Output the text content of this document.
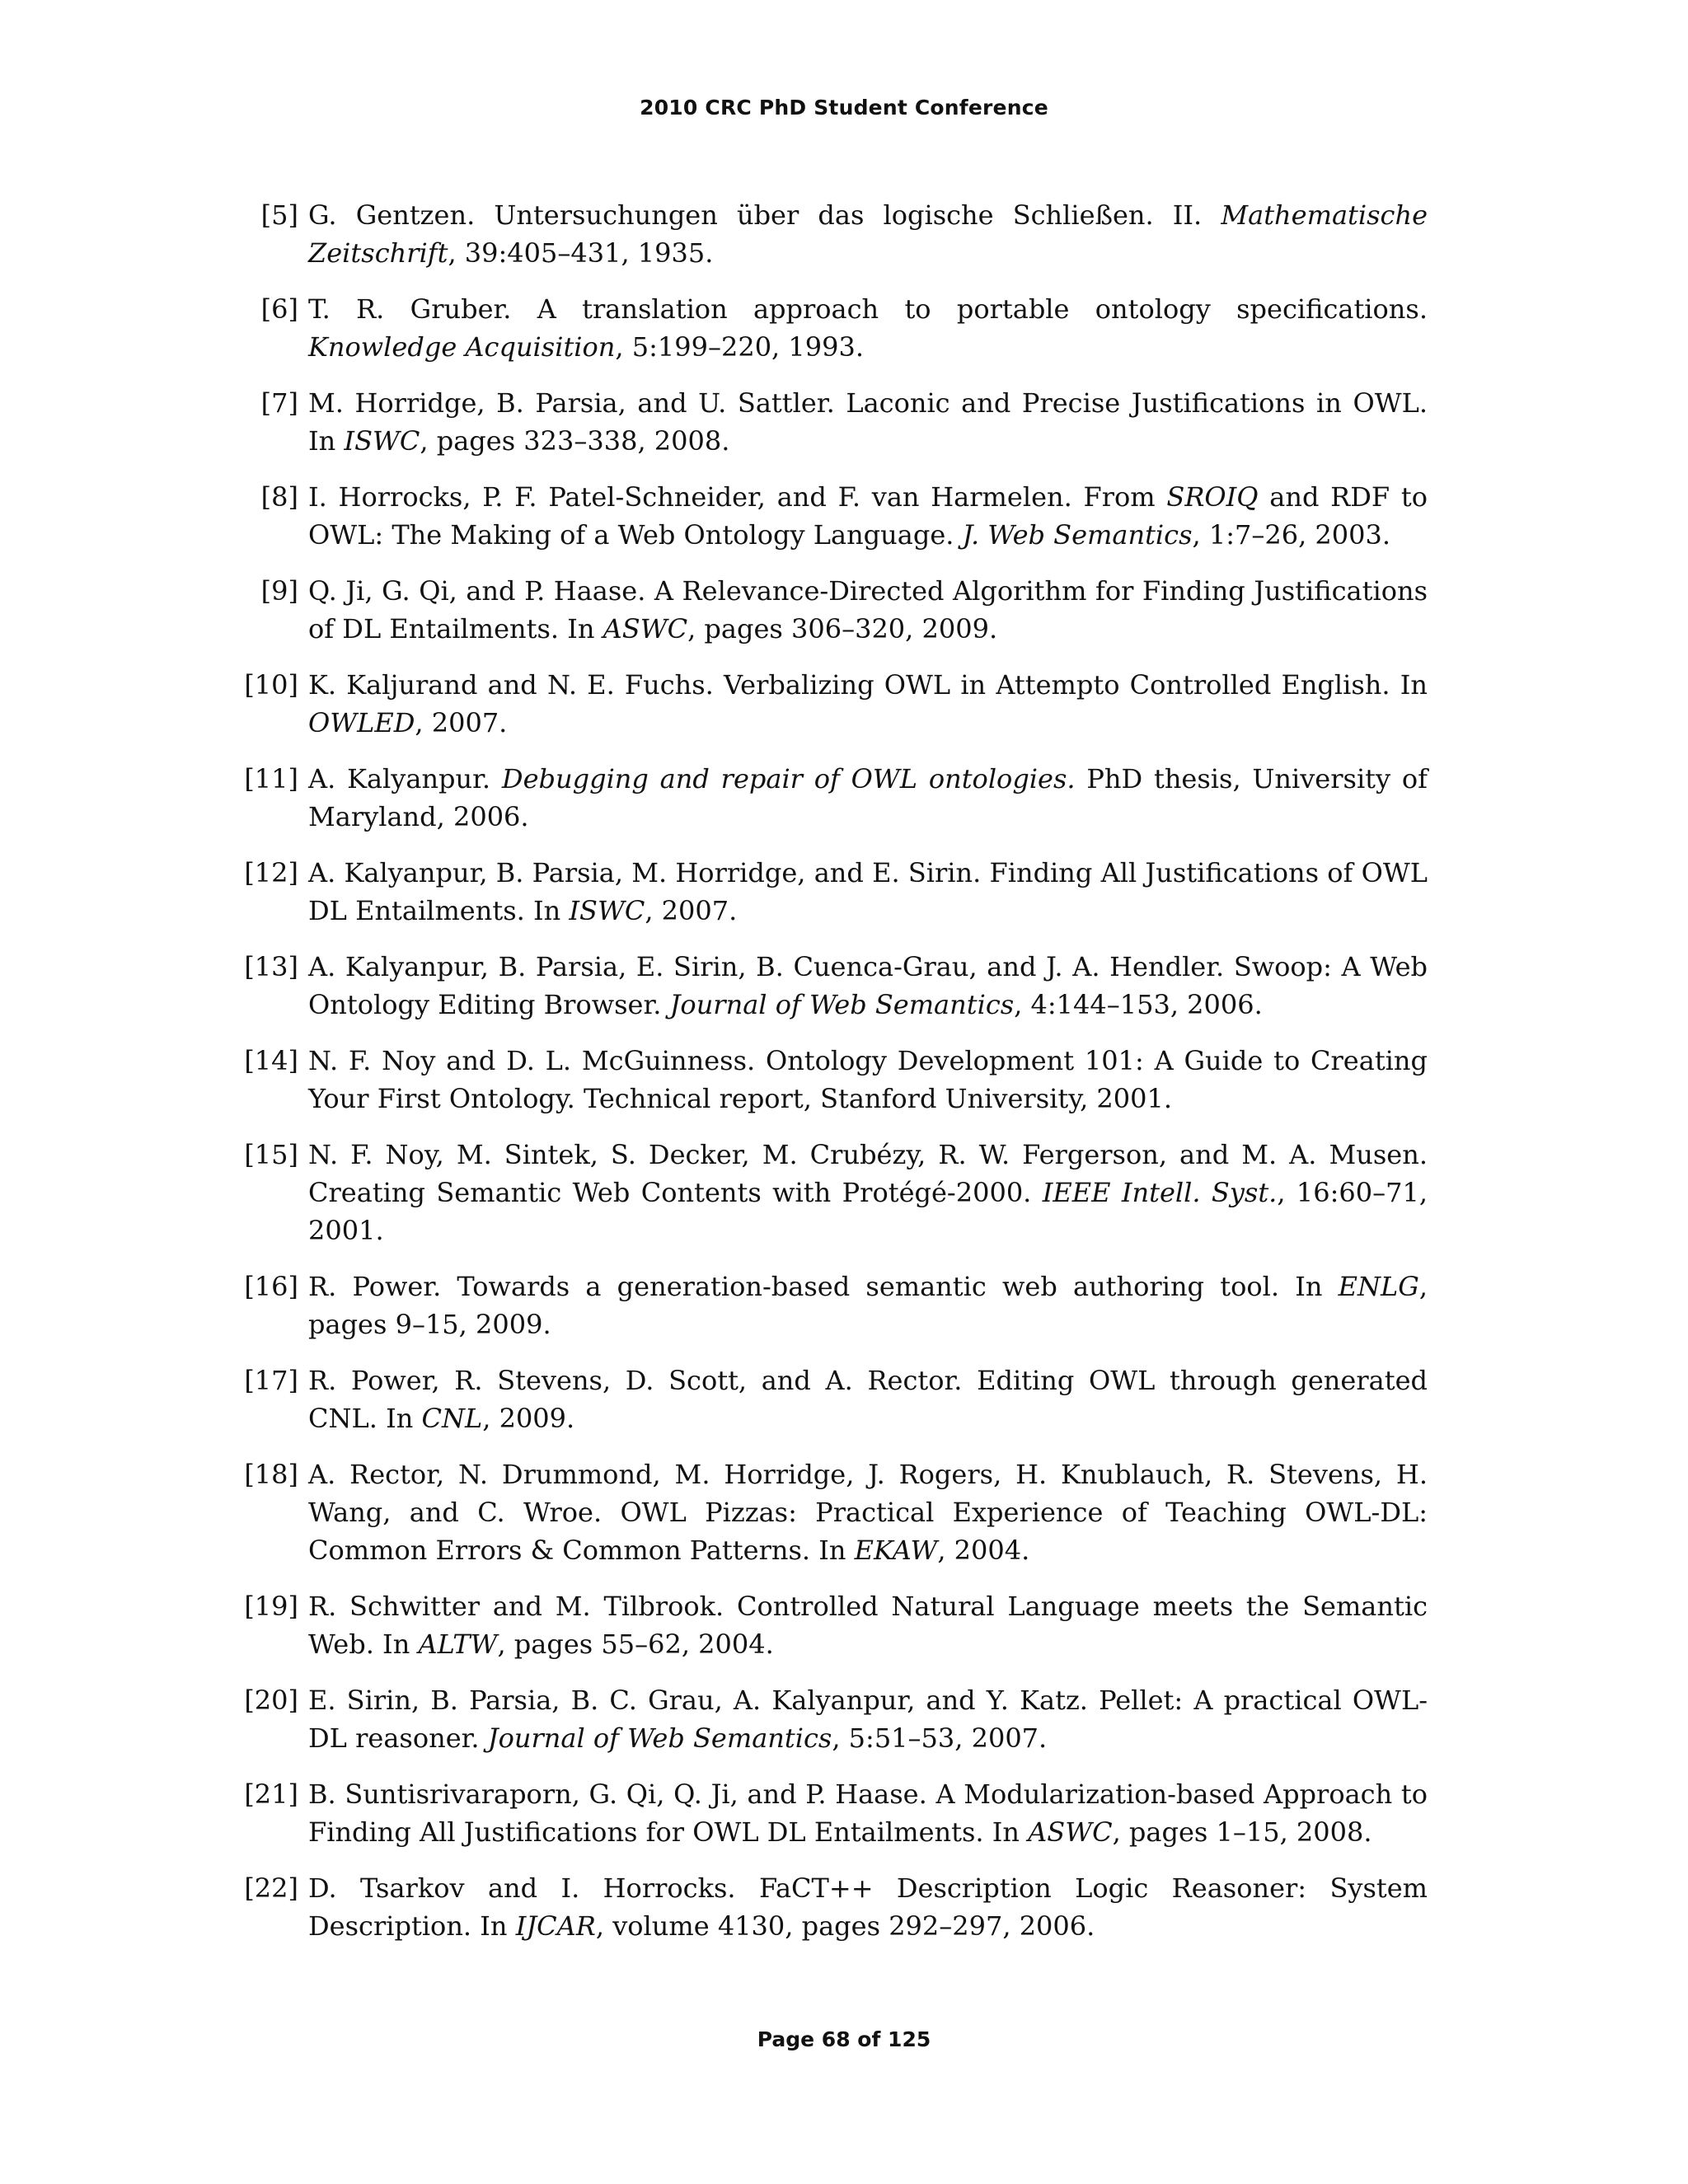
2010 CRC PhD Student Conference
[5] G. Gentzen. Untersuchungen über das logische Schließen. II. Mathematische Zeitschrift, 39:405–431, 1935.
[6] T. R. Gruber. A translation approach to portable ontology specifications. Knowledge Acquisition, 5:199–220, 1993.
[7] M. Horridge, B. Parsia, and U. Sattler. Laconic and Precise Justifications in OWL. In ISWC, pages 323–338, 2008.
[8] I. Horrocks, P. F. Patel-Schneider, and F. van Harmelen. From SROIQ and RDF to OWL: The Making of a Web Ontology Language. J. Web Semantics, 1:7–26, 2003.
[9] Q. Ji, G. Qi, and P. Haase. A Relevance-Directed Algorithm for Finding Justifications of DL Entailments. In ASWC, pages 306–320, 2009.
[10] K. Kaljurand and N. E. Fuchs. Verbalizing OWL in Attempto Controlled English. In OWLED, 2007.
[11] A. Kalyanpur. Debugging and repair of OWL ontologies. PhD thesis, University of Maryland, 2006.
[12] A. Kalyanpur, B. Parsia, M. Horridge, and E. Sirin. Finding All Justifications of OWL DL Entailments. In ISWC, 2007.
[13] A. Kalyanpur, B. Parsia, E. Sirin, B. Cuenca-Grau, and J. A. Hendler. Swoop: A Web Ontology Editing Browser. Journal of Web Semantics, 4:144–153, 2006.
[14] N. F. Noy and D. L. McGuinness. Ontology Development 101: A Guide to Creating Your First Ontology. Technical report, Stanford University, 2001.
[15] N. F. Noy, M. Sintek, S. Decker, M. Crubézy, R. W. Fergerson, and M. A. Musen. Creating Semantic Web Contents with Protégé-2000. IEEE Intell. Syst., 16:60–71, 2001.
[16] R. Power. Towards a generation-based semantic web authoring tool. In ENLG, pages 9–15, 2009.
[17] R. Power, R. Stevens, D. Scott, and A. Rector. Editing OWL through generated CNL. In CNL, 2009.
[18] A. Rector, N. Drummond, M. Horridge, J. Rogers, H. Knublauch, R. Stevens, H. Wang, and C. Wroe. OWL Pizzas: Practical Experience of Teaching OWL-DL: Common Errors & Common Patterns. In EKAW, 2004.
[19] R. Schwitter and M. Tilbrook. Controlled Natural Language meets the Semantic Web. In ALTW, pages 55–62, 2004.
[20] E. Sirin, B. Parsia, B. C. Grau, A. Kalyanpur, and Y. Katz. Pellet: A practical OWL-DL reasoner. Journal of Web Semantics, 5:51–53, 2007.
[21] B. Suntisrivaraporn, G. Qi, Q. Ji, and P. Haase. A Modularization-based Approach to Finding All Justifications for OWL DL Entailments. In ASWC, pages 1–15, 2008.
[22] D. Tsarkov and I. Horrocks. FaCT++ Description Logic Reasoner: System Description. In IJCAR, volume 4130, pages 292–297, 2006.
Page 68 of 125
